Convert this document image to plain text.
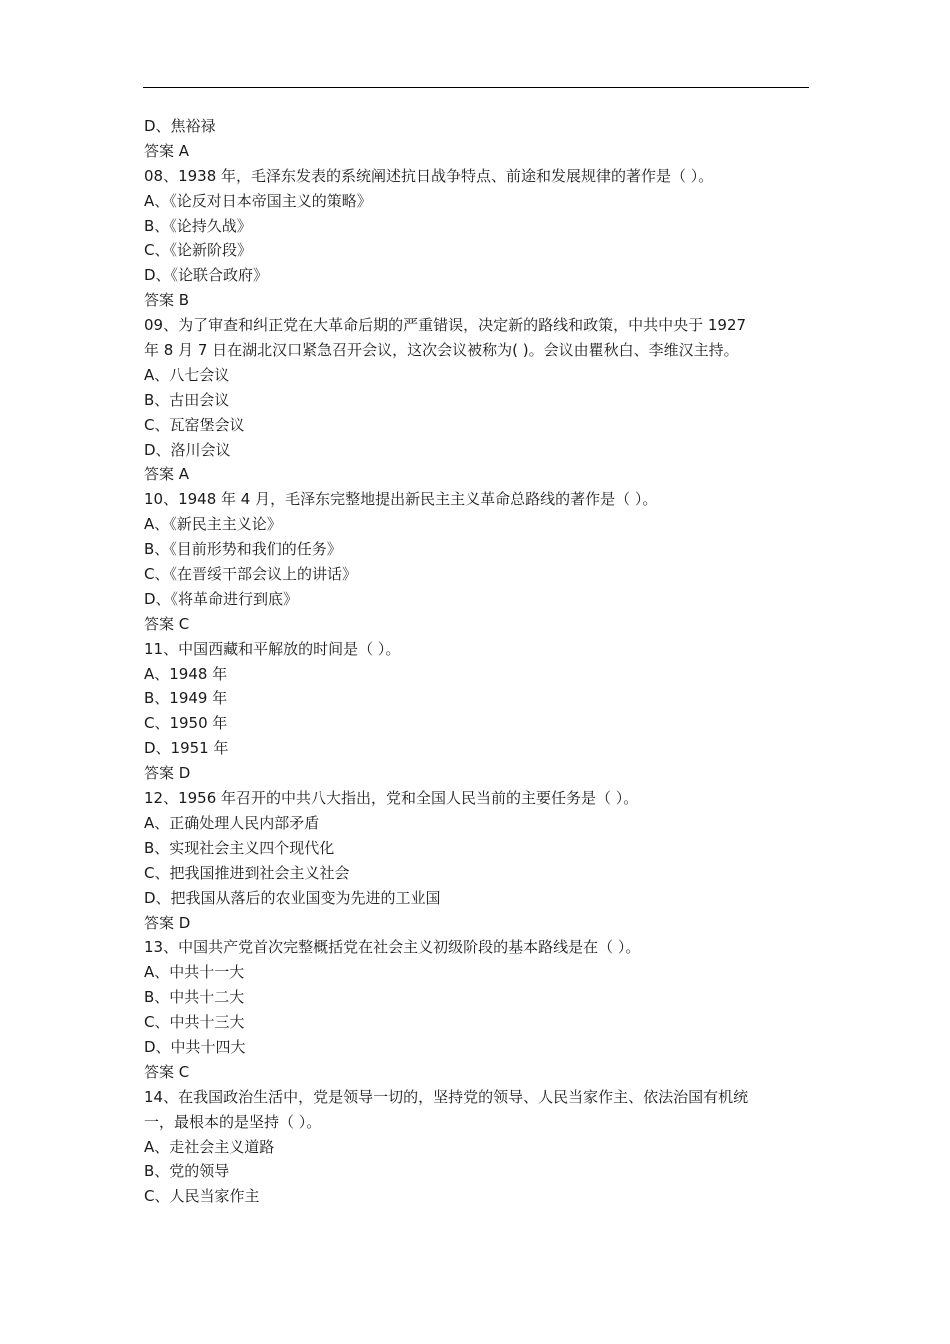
D、焦裕禄
答案 A
08、1938 年，毛泽东发表的系统阐述抗日战争特点、前途和发展规律的著作是（ ）。
A、《论反对日本帝国主义的策略》
B、《论持久战》
C、《论新阶段》
D、《论联合政府》
答案 B
09、为了审查和纠正党在大革命后期的严重错误，决定新的路线和政策，中共中央于 1927
年 8 月 7 日在湖北汉口紧急召开会议，这次会议被称为( )。会议由瞿秋白、李维汉主持。
A、八七会议
B、古田会议
C、瓦窑堡会议
D、洛川会议
答案 A
10、1948 年 4 月，毛泽东完整地提出新民主主义革命总路线的著作是（ ）。
A、《新民主主义论》
B、《目前形势和我们的任务》
C、《在晋绥干部会议上的讲话》
D、《将革命进行到底》
答案 C
11、中国西藏和平解放的时间是（ ）。
A、1948 年
B、1949 年
C、1950 年
D、1951 年
答案 D
12、1956 年召开的中共八大指出，党和全国人民当前的主要任务是（ ）。
A、正确处理人民内部矛盾
B、实现社会主义四个现代化
C、把我国推进到社会主义社会
D、把我国从落后的农业国变为先进的工业国
答案 D
13、中国共产党首次完整概括党在社会主义初级阶段的基本路线是在（ ）。
A、中共十一大
B、中共十二大
C、中共十三大
D、中共十四大
答案 C
14、在我国政治生活中，党是领导一切的，坚持党的领导、人民当家作主、依法治国有机统
一，最根本的是坚持（ ）。
A、走社会主义道路
B、党的领导
C、人民当家作主
